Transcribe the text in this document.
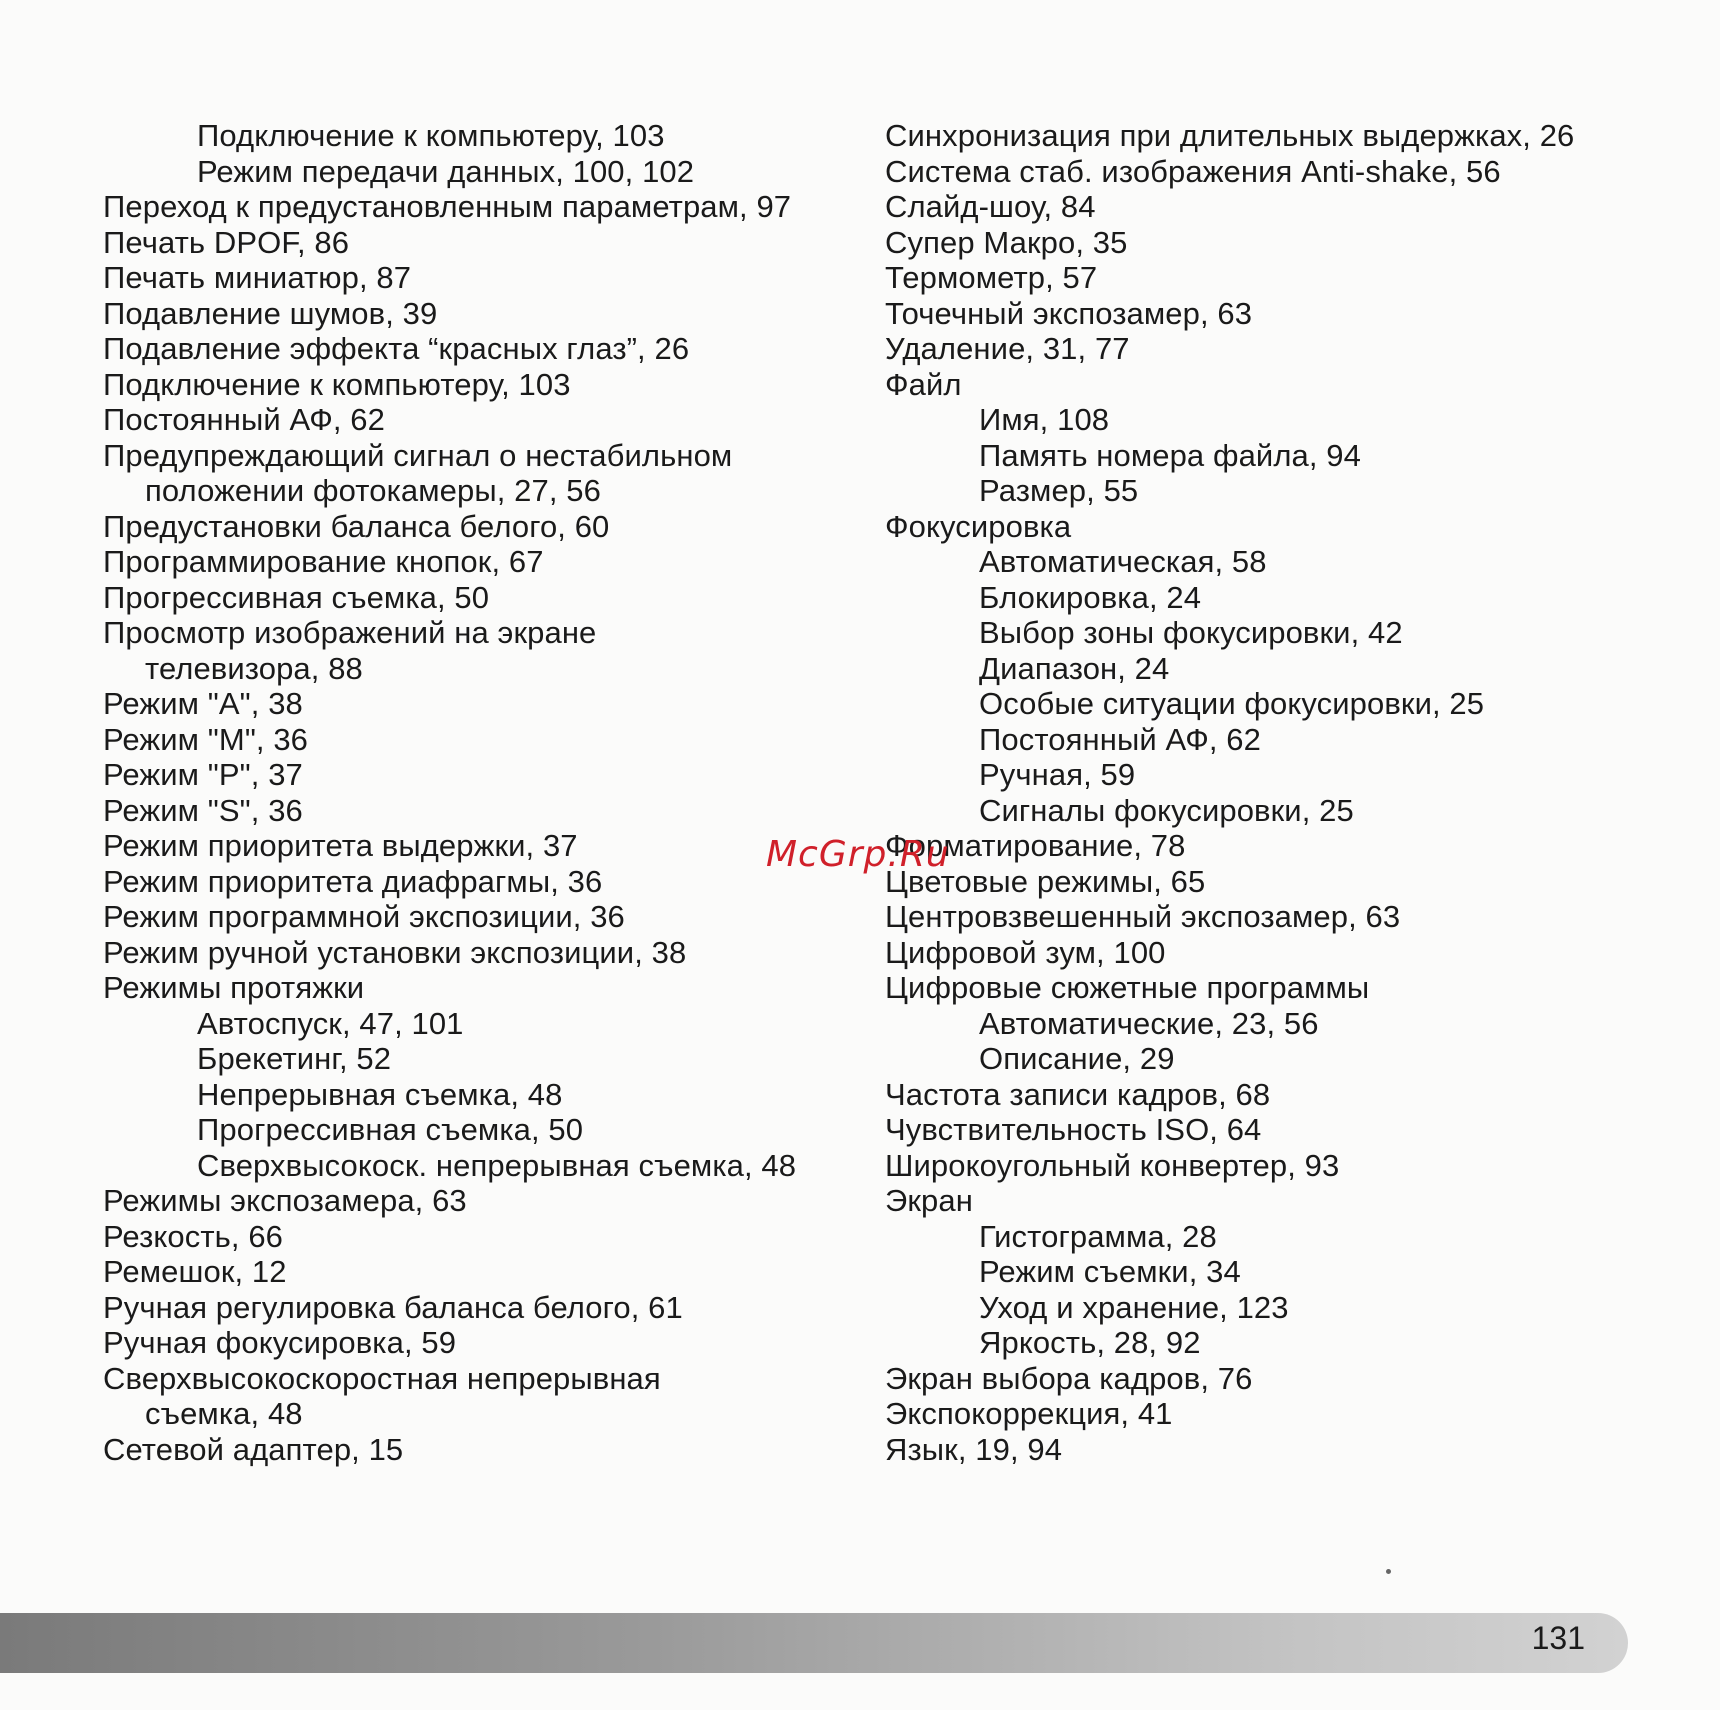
Подключение к компьютеру, 103
Режим передачи данных, 100, 102
Переход к предустановленным параметрам, 97
Печать DPOF, 86
Печать миниатюр, 87
Подавление шумов, 39
Подавление эффекта “красных глаз”, 26
Подключение к компьютеру, 103
Постоянный АФ, 62
Предупреждающий сигнал о нестабильном
положении фотокамеры, 27, 56
Предустановки баланса белого, 60
Программирование кнопок, 67
Прогрессивная съемка, 50
Просмотр изображений на экране
телевизора, 88
Режим "А", 38
Режим "М", 36
Режим "Р", 37
Режим "S", 36
Режим приоритета выдержки, 37
Режим приоритета диафрагмы, 36
Режим программной экспозиции, 36
Режим ручной установки экспозиции, 38
Режимы протяжки
Автоспуск, 47, 101
Брекетинг, 52
Непрерывная съемка, 48
Прогрессивная съемка, 50
Сверхвысокоск. непрерывная съемка, 48
Режимы экспозамера, 63
Резкость, 66
Ремешок, 12
Ручная регулировка баланса белого, 61
Ручная фокусировка, 59
Сверхвысокоскоростная непрерывная
съемка, 48
Сетевой адаптер, 15
Синхронизация при длительных выдержках, 26
Система стаб. изображения Anti-shake, 56
Слайд-шоу, 84
Супер Макро, 35
Термометр, 57
Точечный экспозамер, 63
Удаление, 31, 77
Файл
Имя, 108
Память номера файла, 94
Размер, 55
Фокусировка
Автоматическая, 58
Блокировка, 24
Выбор зоны фокусировки, 42
Диапазон, 24
Особые ситуации фокусировки, 25
Постоянный АФ, 62
Ручная, 59
Сигналы фокусировки, 25
Форматирование, 78
Цветовые режимы, 65
Центровзвешенный экспозамер, 63
Цифровой зум, 100
Цифровые сюжетные программы
Автоматические, 23, 56
Описание, 29
Частота записи кадров, 68
Чувствительность ISO, 64
Широкоугольный конвертер, 93
Экран
Гистограмма, 28
Режим съемки, 34
Уход и хранение, 123
Яркость, 28, 92
Экран выбора кадров, 76
Экспокоррекция, 41
Язык, 19, 94
McGrp.Ru
131
